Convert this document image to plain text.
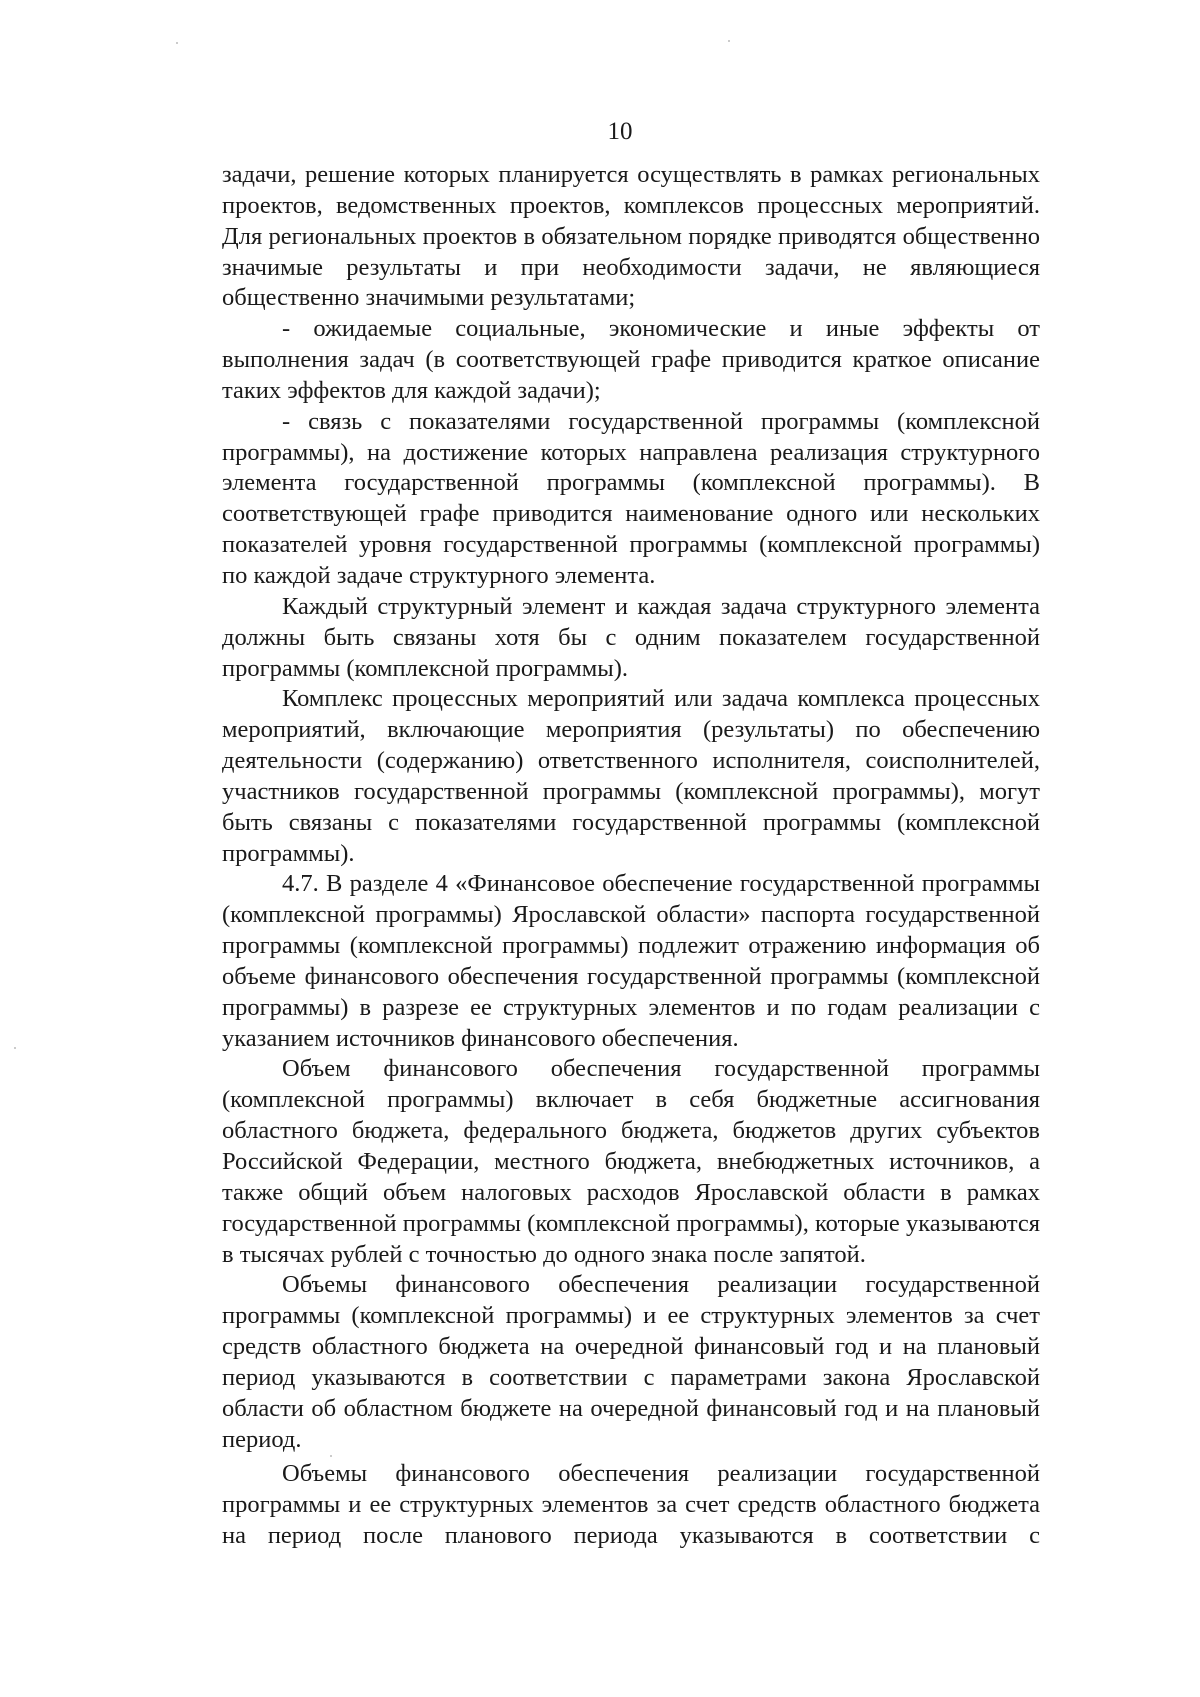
10

задачи, решение которых планируется осуществлять в рамках региональных проектов, ведомственных проектов, комплексов процессных мероприятий. Для региональных проектов в обязательном порядке приводятся общественно значимые результаты и при необходимости задачи, не являющиеся общественно значимыми результатами;

- ожидаемые социальные, экономические и иные эффекты от выполнения задач (в соответствующей графе приводится краткое описание таких эффектов для каждой задачи);

- связь с показателями государственной программы (комплексной программы), на достижение которых направлена реализация структурного элемента государственной программы (комплексной программы). В соответствующей графе приводится наименование одного или нескольких показателей уровня государственной программы (комплексной программы) по каждой задаче структурного элемента.

Каждый структурный элемент и каждая задача структурного элемента должны быть связаны хотя бы с одним показателем государственной программы (комплексной программы).

Комплекс процессных мероприятий или задача комплекса процессных мероприятий, включающие мероприятия (результаты) по обеспечению деятельности (содержанию) ответственного исполнителя, соисполнителей, участников государственной программы (комплексной программы), могут быть связаны с показателями государственной программы (комплексной программы).

4.7. В разделе 4 «Финансовое обеспечение государственной программы (комплексной программы) Ярославской области» паспорта государственной программы (комплексной программы) подлежит отражению информация об объеме финансового обеспечения государственной программы (комплексной программы) в разрезе ее структурных элементов и по годам реализации с указанием источников финансового обеспечения.

Объем финансового обеспечения государственной программы (комплексной программы) включает в себя бюджетные ассигнования областного бюджета, федерального бюджета, бюджетов других субъектов Российской Федерации, местного бюджета, внебюджетных источников, а также общий объем налоговых расходов Ярославской области в рамках государственной программы (комплексной программы), которые указываются в тысячах рублей с точностью до одного знака после запятой.

Объемы финансового обеспечения реализации государственной программы (комплексной программы) и ее структурных элементов за счет средств областного бюджета на очередной финансовый год и на плановый период указываются в соответствии с параметрами закона Ярославской области об областном бюджете на очередной финансовый год и на плановый период.

Объемы финансового обеспечения реализации государственной программы и ее структурных элементов за счет средств областного бюджета на период после планового периода указываются в соответствии с
